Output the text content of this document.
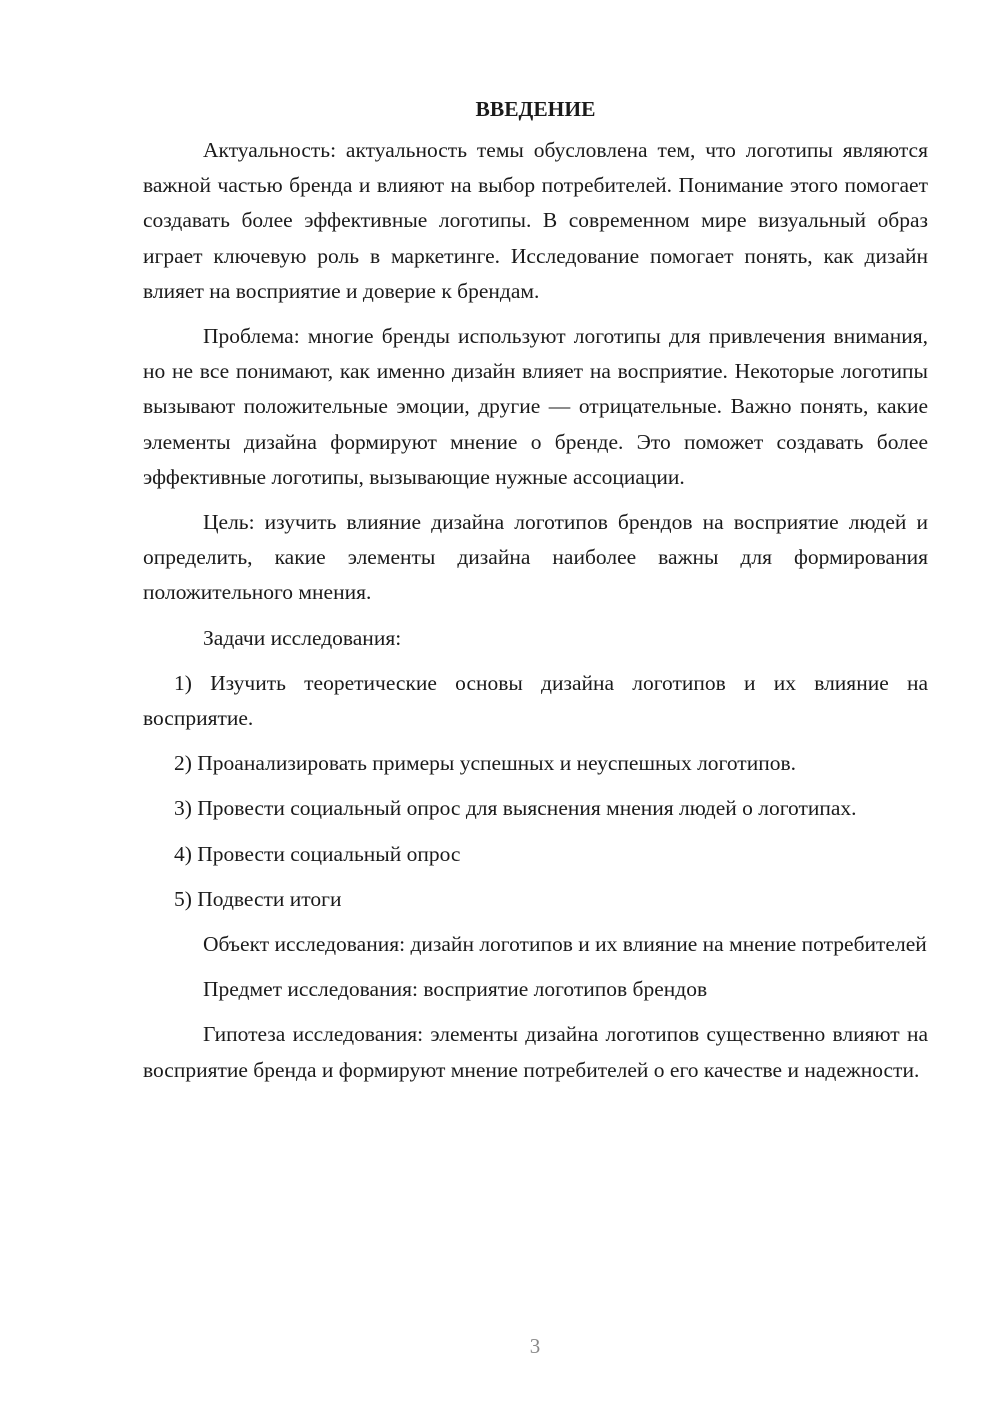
ВВЕДЕНИЕ

Актуальность: актуальность темы обусловлена тем, что логотипы являются важной частью бренда и влияют на выбор потребителей. Понимание этого помогает создавать более эффективные логотипы. В современном мире визуальный образ играет ключевую роль в маркетинге. Исследование помогает понять, как дизайн влияет на восприятие и доверие к брендам.

Проблема: многие бренды используют логотипы для привлечения внимания, но не все понимают, как именно дизайн влияет на восприятие. Некоторые логотипы вызывают положительные эмоции, другие — отрицательные. Важно понять, какие элементы дизайна формируют мнение о бренде. Это поможет создавать более эффективные логотипы, вызывающие нужные ассоциации.

Цель: изучить влияние дизайна логотипов брендов на восприятие людей и определить, какие элементы дизайна наиболее важны для формирования положительного мнения.

Задачи исследования:

1) Изучить теоретические основы дизайна логотипов и их влияние на восприятие.

2) Проанализировать примеры успешных и неуспешных логотипов.

3) Провести социальный опрос для выяснения мнения людей о логотипах.

4) Провести социальный опрос

5) Подвести итоги

Объект исследования: дизайн логотипов и их влияние на мнение потребителей

Предмет исследования: восприятие логотипов брендов

Гипотеза исследования: элементы дизайна логотипов существенно влияют на восприятие бренда и формируют мнение потребителей о его качестве и надежности.

3
